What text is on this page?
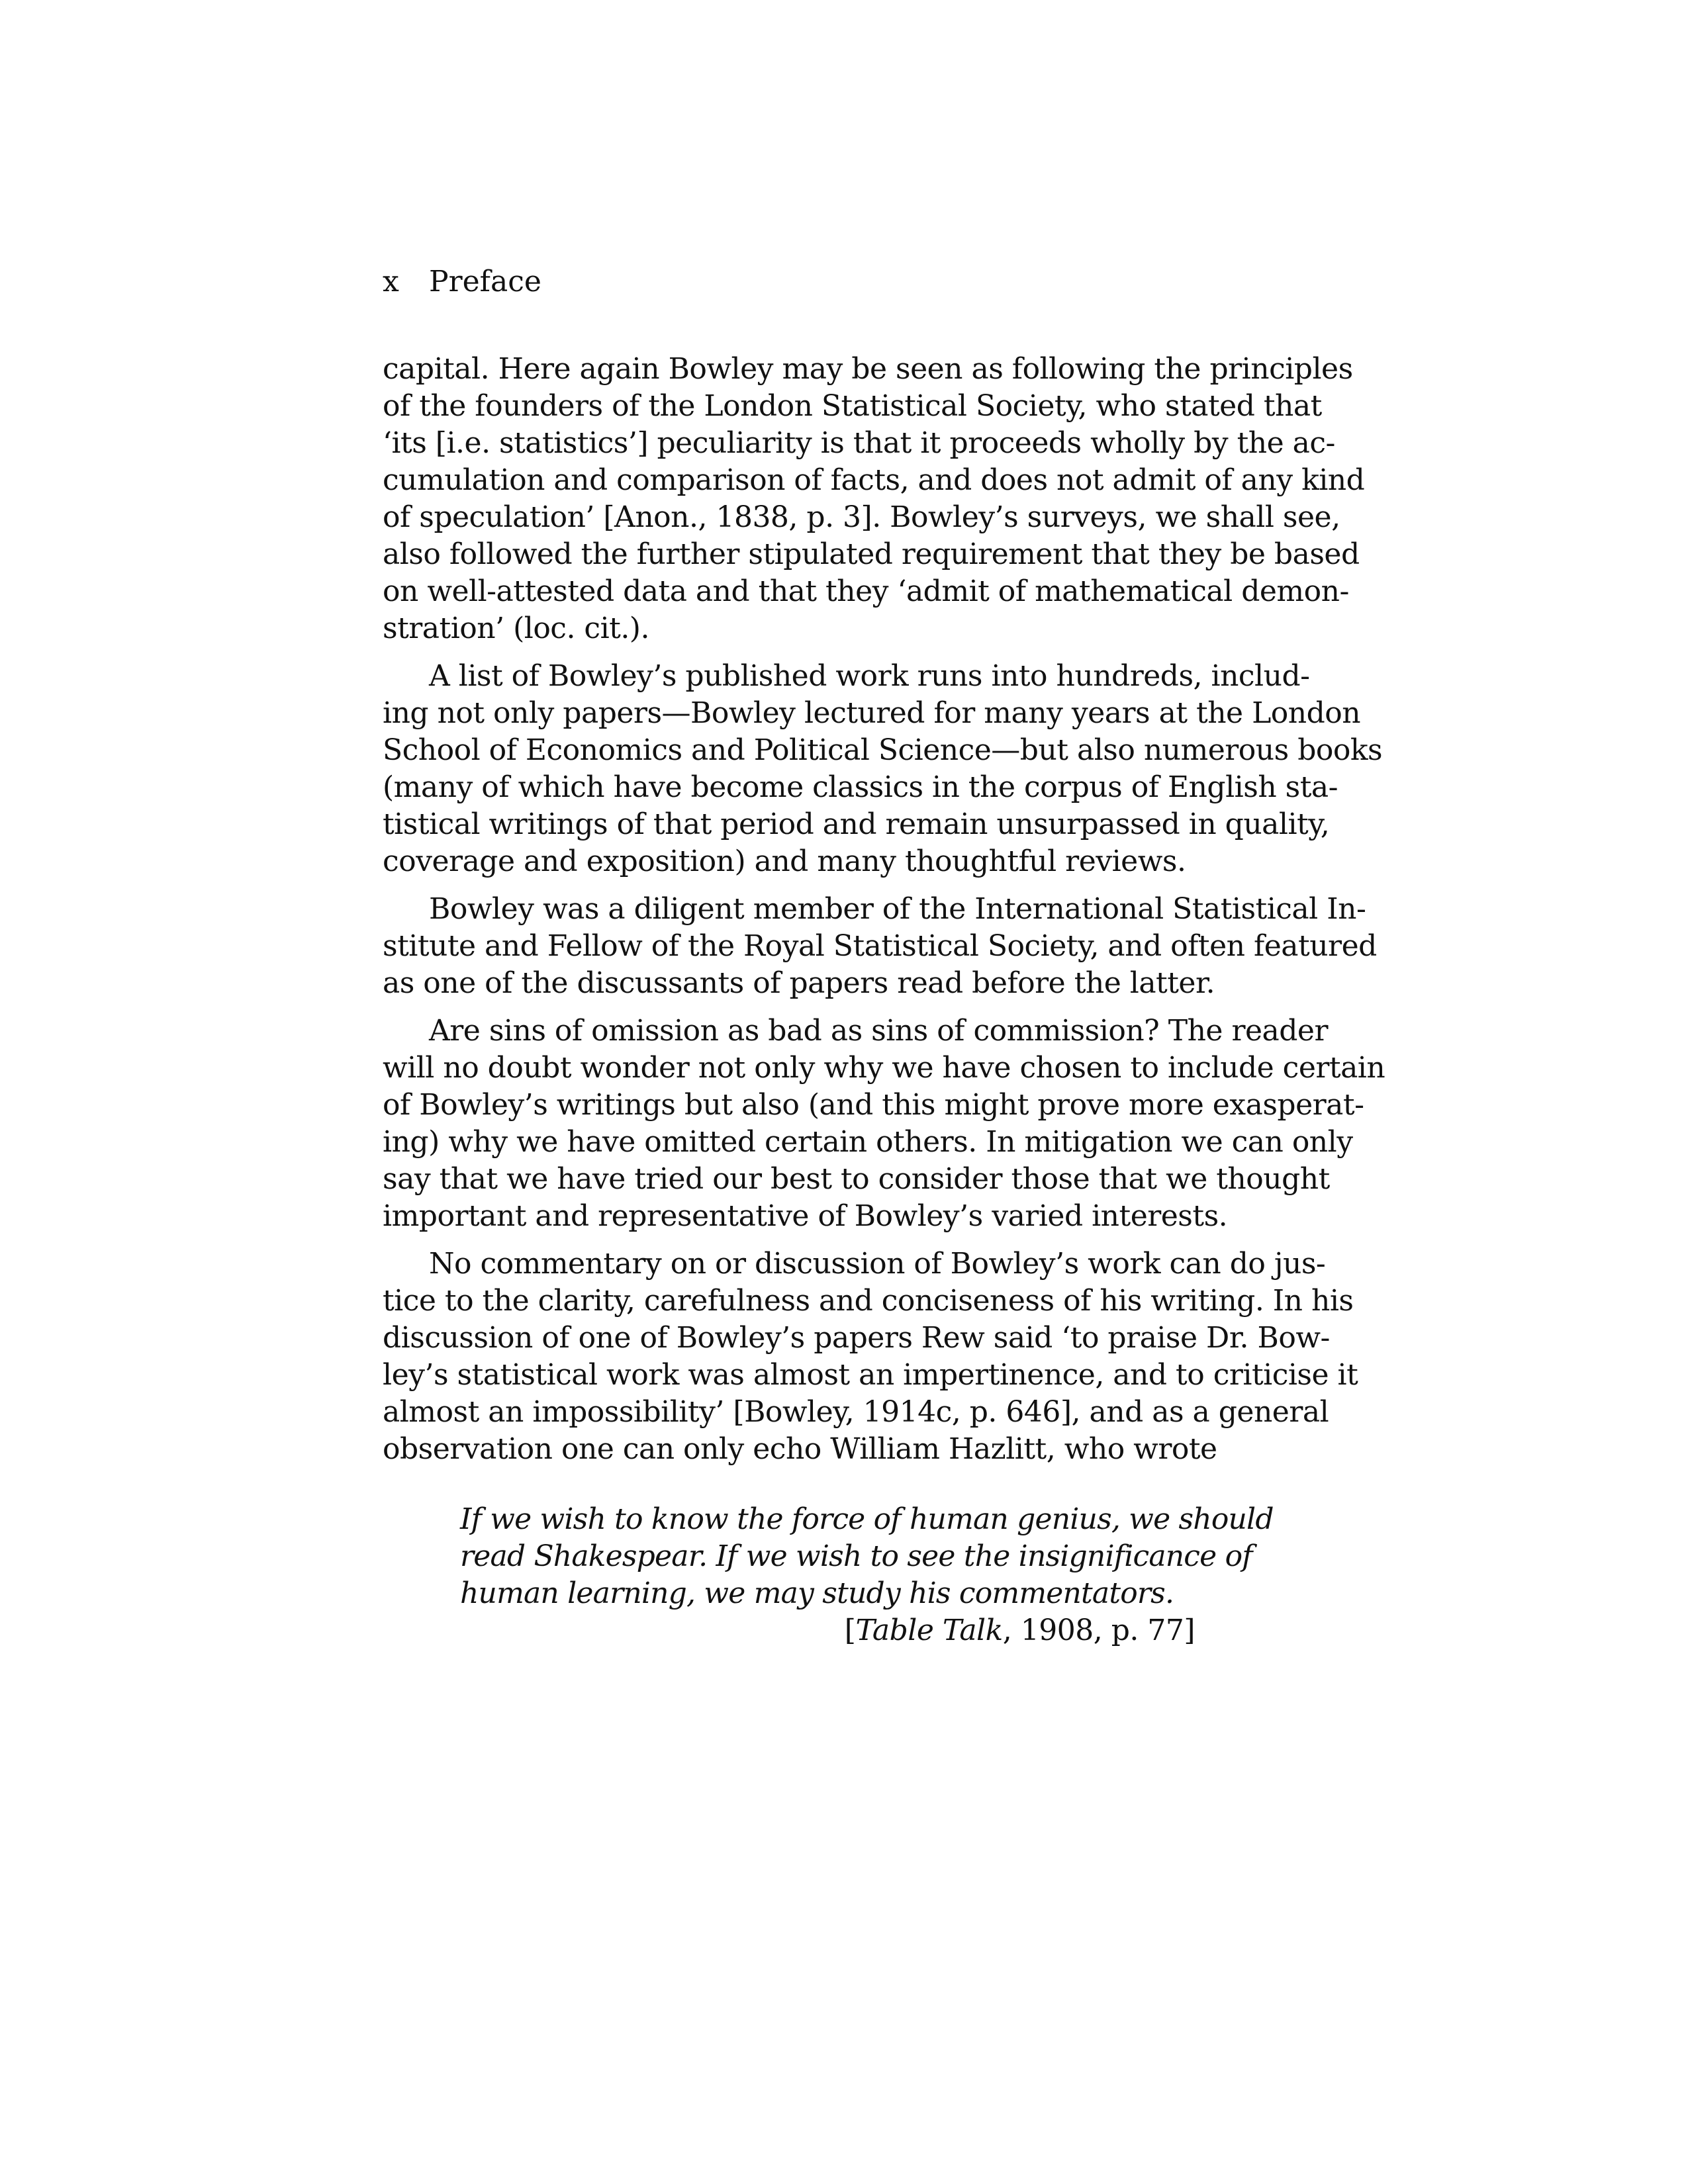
x Preface
capital. Here again Bowley may be seen as following the principles
of the founders of the London Statistical Society, who stated that
‘its [i.e. statistics’] peculiarity is that it proceeds wholly by the ac-
cumulation and comparison of facts, and does not admit of any kind
of speculation’ [Anon., 1838, p. 3]. Bowley’s surveys, we shall see,
also followed the further stipulated requirement that they be based
on well-attested data and that they ‘admit of mathematical demon-
stration’ (loc. cit.).
A list of Bowley’s published work runs into hundreds, includ-
ing not only papers—Bowley lectured for many years at the London
School of Economics and Political Science—but also numerous books
(many of which have become classics in the corpus of English sta-
tistical writings of that period and remain unsurpassed in quality,
coverage and exposition) and many thoughtful reviews.
Bowley was a diligent member of the International Statistical In-
stitute and Fellow of the Royal Statistical Society, and often featured
as one of the discussants of papers read before the latter.
Are sins of omission as bad as sins of commission? The reader
will no doubt wonder not only why we have chosen to include certain
of Bowley’s writings but also (and this might prove more exasperat-
ing) why we have omitted certain others. In mitigation we can only
say that we have tried our best to consider those that we thought
important and representative of Bowley’s varied interests.
No commentary on or discussion of Bowley’s work can do jus-
tice to the clarity, carefulness and conciseness of his writing. In his
discussion of one of Bowley’s papers Rew said ‘to praise Dr. Bow-
ley’s statistical work was almost an impertinence, and to criticise it
almost an impossibility’ [Bowley, 1914c, p. 646], and as a general
observation one can only echo William Hazlitt, who wrote
If we wish to know the force of human genius, we should
read Shakespear. If we wish to see the insignificance of
human learning, we may study his commentators.
[Table Talk, 1908, p. 77]
